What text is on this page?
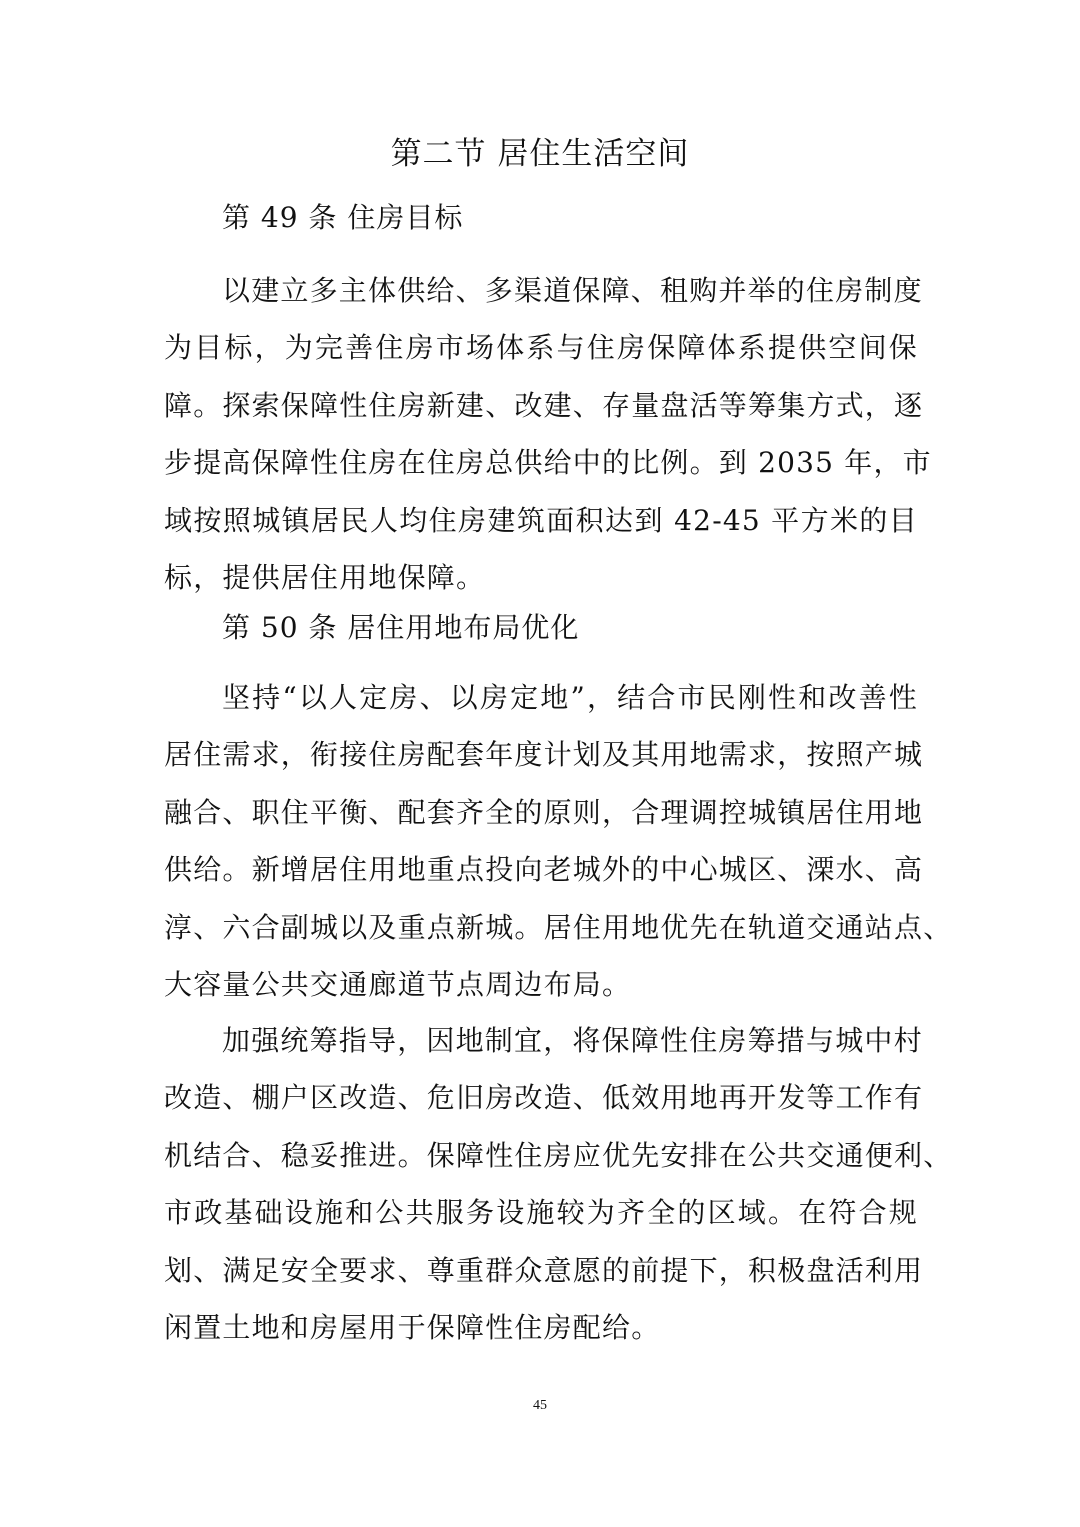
第二节 居住生活空间

第 49 条 住房目标

以建立多主体供给、多渠道保障、租购并举的住房制度
为目标，为完善住房市场体系与住房保障体系提供空间保
障。探索保障性住房新建、改建、存量盘活等筹集方式，逐
步提高保障性住房在住房总供给中的比例。到 2035 年，市
域按照城镇居民人均住房建筑面积达到 42-45 平方米的目
标，提供居住用地保障。

第 50 条 居住用地布局优化

坚持“以人定房、以房定地”，结合市民刚性和改善性
居住需求，衔接住房配套年度计划及其用地需求，按照产城
融合、职住平衡、配套齐全的原则，合理调控城镇居住用地
供给。新增居住用地重点投向老城外的中心城区、溧水、高
淳、六合副城以及重点新城。居住用地优先在轨道交通站点、
大容量公共交通廊道节点周边布局。
加强统筹指导，因地制宜，将保障性住房筹措与城中村
改造、棚户区改造、危旧房改造、低效用地再开发等工作有
机结合、稳妥推进。保障性住房应优先安排在公共交通便利、
市政基础设施和公共服务设施较为齐全的区域。在符合规
划、满足安全要求、尊重群众意愿的前提下，积极盘活利用
闲置土地和房屋用于保障性住房配给。
45
